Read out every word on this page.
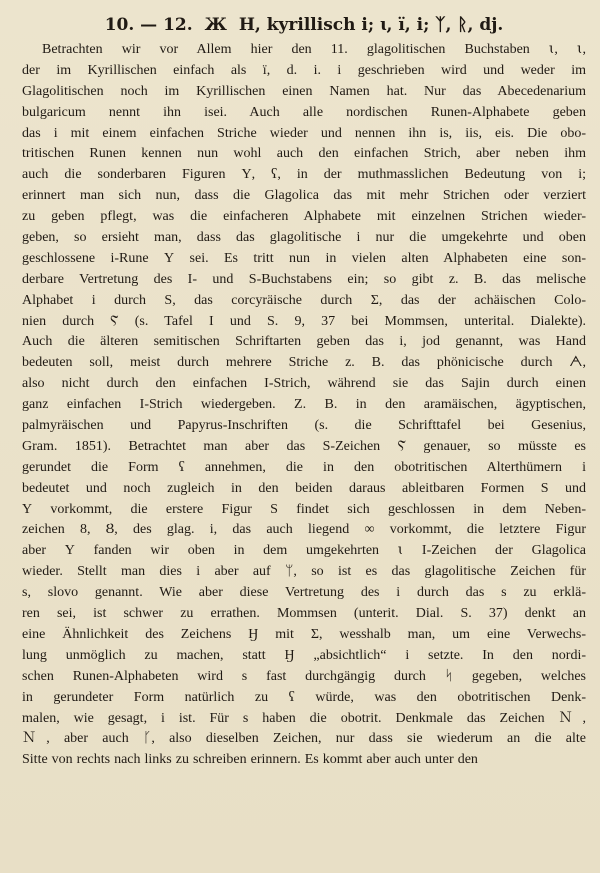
10. — 12. Ж H, kyrillisch i; ꙇ, ї, i; ᛉ, ᚱ, dj.
Betrachten wir vor Allem hier den 11. glagolitischen Buchstaben ꙇ, ꙇ,
der im Kyrillischen einfach als ї, d. i. i geschrieben wird und weder im
Glagolitischen noch im Kyrillischen einen Namen hat. Nur das Abecedenarium
bulgaricum nennt ihn isei. Auch alle nordischen Runen-Alphabete geben
das i mit einem einfachen Striche wieder und nennen ihn is, iis, eis. Die obo-
tritischen Runen kennen nun wohl auch den einfachen Strich, aber neben ihm
auch die sonderbaren Figuren Ү, ʕ, in der muthmasslichen Bedeutung von i;
erinnert man sich nun, dass die Glagolica das mit mehr Strichen oder verziert
zu geben pflegt, was die einfacheren Alphabete mit einzelnen Strichen wieder-
geben, so ersieht man, dass das glagolitische i nur die umgekehrte und oben
geschlossene i-Rune Ү sei. Es tritt nun in vielen alten Alphabeten eine son-
derbare Vertretung des I- und S-Buchstabens ein; so gibt z. B. das melische
Alphabet i durch S, das corcyräische durch Σ, das der achäischen Colo-
nien durch Ⲋ (s. Tafel I und S. 9, 37 bei Mommsen, unterital. Dialekte).
Auch die älteren semitischen Schriftarten geben das i, jod genannt, was Hand
bedeuten soll, meist durch mehrere Striche z. B. das phönicische durch ᗅ,
also nicht durch den einfachen I-Strich, während sie das Sajin durch einen
ganz einfachen I-Strich wiedergeben. Z. B. in den aramäischen, ägyptischen,
palmyräischen und Papyrus-Inschriften (s. die Schrifttafel bei Gesenius,
Gram. 1851). Betrachtet man aber das S-Zeichen Ⲋ genauer, so müsste es
gerundet die Form ʕ annehmen, die in den obotritischen Alterthümern i
bedeutet und noch zugleich in den beiden daraus ableitbaren Formen S und
Ү vorkommt, die erstere Figur S findet sich geschlossen in dem Neben-
zeichen 8, Ȣ, des glag. i, das auch liegend ∞ vorkommt, die letztere Figur
aber Ү fanden wir oben in dem umgekehrten ꙇ I-Zeichen der Glagolica
wieder. Stellt man dies i aber auf ᛘ, so ist es das glagolitische Zeichen für
s, slovo genannt. Wie aber diese Vertretung des i durch das s zu erklä-
ren sei, ist schwer zu errathen. Mommsen (unterit. Dial. S. 37) denkt an
eine Ähnlichkeit des Zeichens Ӈ mit Σ, wesshalb man, um eine Verwechs-
lung unmöglich zu machen, statt Ӈ „absichtlich“ i setzte. In den nordi-
schen Runen-Alphabeten wird s fast durchgängig durch ᛋ gegeben, welches
in gerundeter Form natürlich zu ʕ würde, was den obotritischen Denk-
malen, wie gesagt, i ist. Für s haben die obotrit. Denkmale das Zeichen Ｎ,
Ｎ, aber auch ᚴ, also dieselben Zeichen, nur dass sie wiederum an die alte
Sitte von rechts nach links zu schreiben erinnern. Es kommt aber auch unter den
